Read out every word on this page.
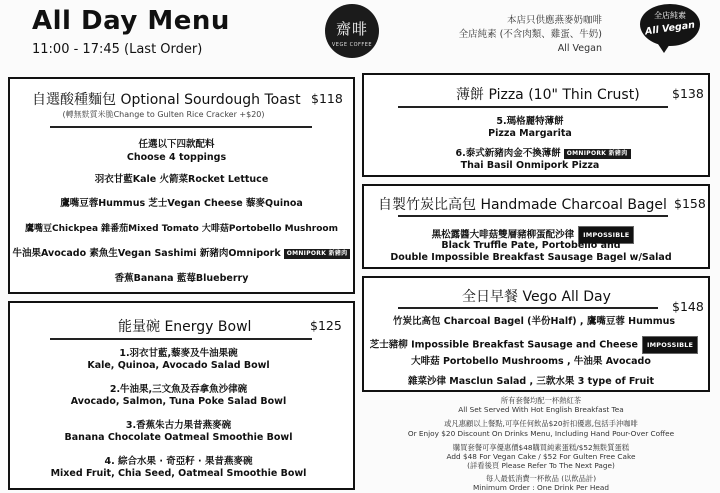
All Day Menu
11:00 - 17:45 (Last Order)
齋啡
VEGE COFFEE
本店只供應燕麥奶咖啡
全店純素 (不含肉類、雞蛋、牛奶)
All Vegan
全店純素
All Vegan
自選酸種麵包 Optional Sourdough Toast $118
(轉無麩質米脆Change to Gulten Rice Cracker +$20)
任選以下四款配料
Choose 4 toppings
羽衣甘藍Kale 火箭菜Rocket Lettuce
鷹嘴豆蓉Hummus 芝士Vegan Cheese 藜麥Quinoa
鷹嘴豆Chickpea 雜番茄Mixed Tomato 大啡菇Portobello Mushroom
牛油果Avocado 素魚生Vegan Sashimi 新豬肉Omnipork OMNIPORK 新豬肉
香蕉Banana 藍莓Blueberry
能量碗 Energy Bowl	$125
1.羽衣甘藍,藜麥及牛油果碗
Kale, Quinoa, Avocado Salad Bowl
2.牛油果,三文魚及吞拿魚沙律碗
Avocado, Salmon, Tuna Poke Salad Bowl
3.香蕉朱古力果昔燕麥碗
Banana Chocolate Oatmeal Smoothie Bowl
4. 綜合水果 · 奇亞籽 · 果昔燕麥碗
Mixed Fruit, Chia Seed, Oatmeal Smoothie Bowl
薄餅 Pizza (10" Thin Crust)	$138
5.瑪格麗特薄餅
Pizza Margarita
6.泰式新豬肉金不換薄餅 OMNIPORK 新豬肉
Thai Basil Onmipork Pizza
自製竹炭比高包 Handmade Charcoal Bagel $158
黑松露醬大啡菇雙層豬柳蛋配沙律 IMPOSSIBLE
Black Truffle Pate, Portobello and
Double Impossible Breakfast Sausage Bagel w/Salad
全日早餐 Vego All Day
$148
竹炭比高包 Charcoal Bagel (半份Half) , 鷹嘴豆蓉 Hummus
芝士豬柳 Impossible Breakfast Sausage and Cheese IMPOSSIBLE
大啡菇 Portobello Mushrooms , 牛油果 Avocado
雜菜沙律 Masclun Salad , 三款水果 3 type of Fruit
所有套餐均配一杯熱紅茶
All Set Served With Hot English Breakfast Tea
或凡惠顧以上餐點,可享任何飲品$20折扣優惠,包括手沖咖啡
Or Enjoy $20 Discount On Drinks Menu, Including Hand Pour-Over Coffee
購買套餐可享優惠價$48購買純素蛋糕/$52無麩質蛋糕
Add $48 For Vegan Cake / $52 For Gulten Free Cake
(詳看後頁 Please Refer To The Next Page)
每人最低消費一杯飲品 (以飲品計)
Minimum Order : One Drink Per Head
